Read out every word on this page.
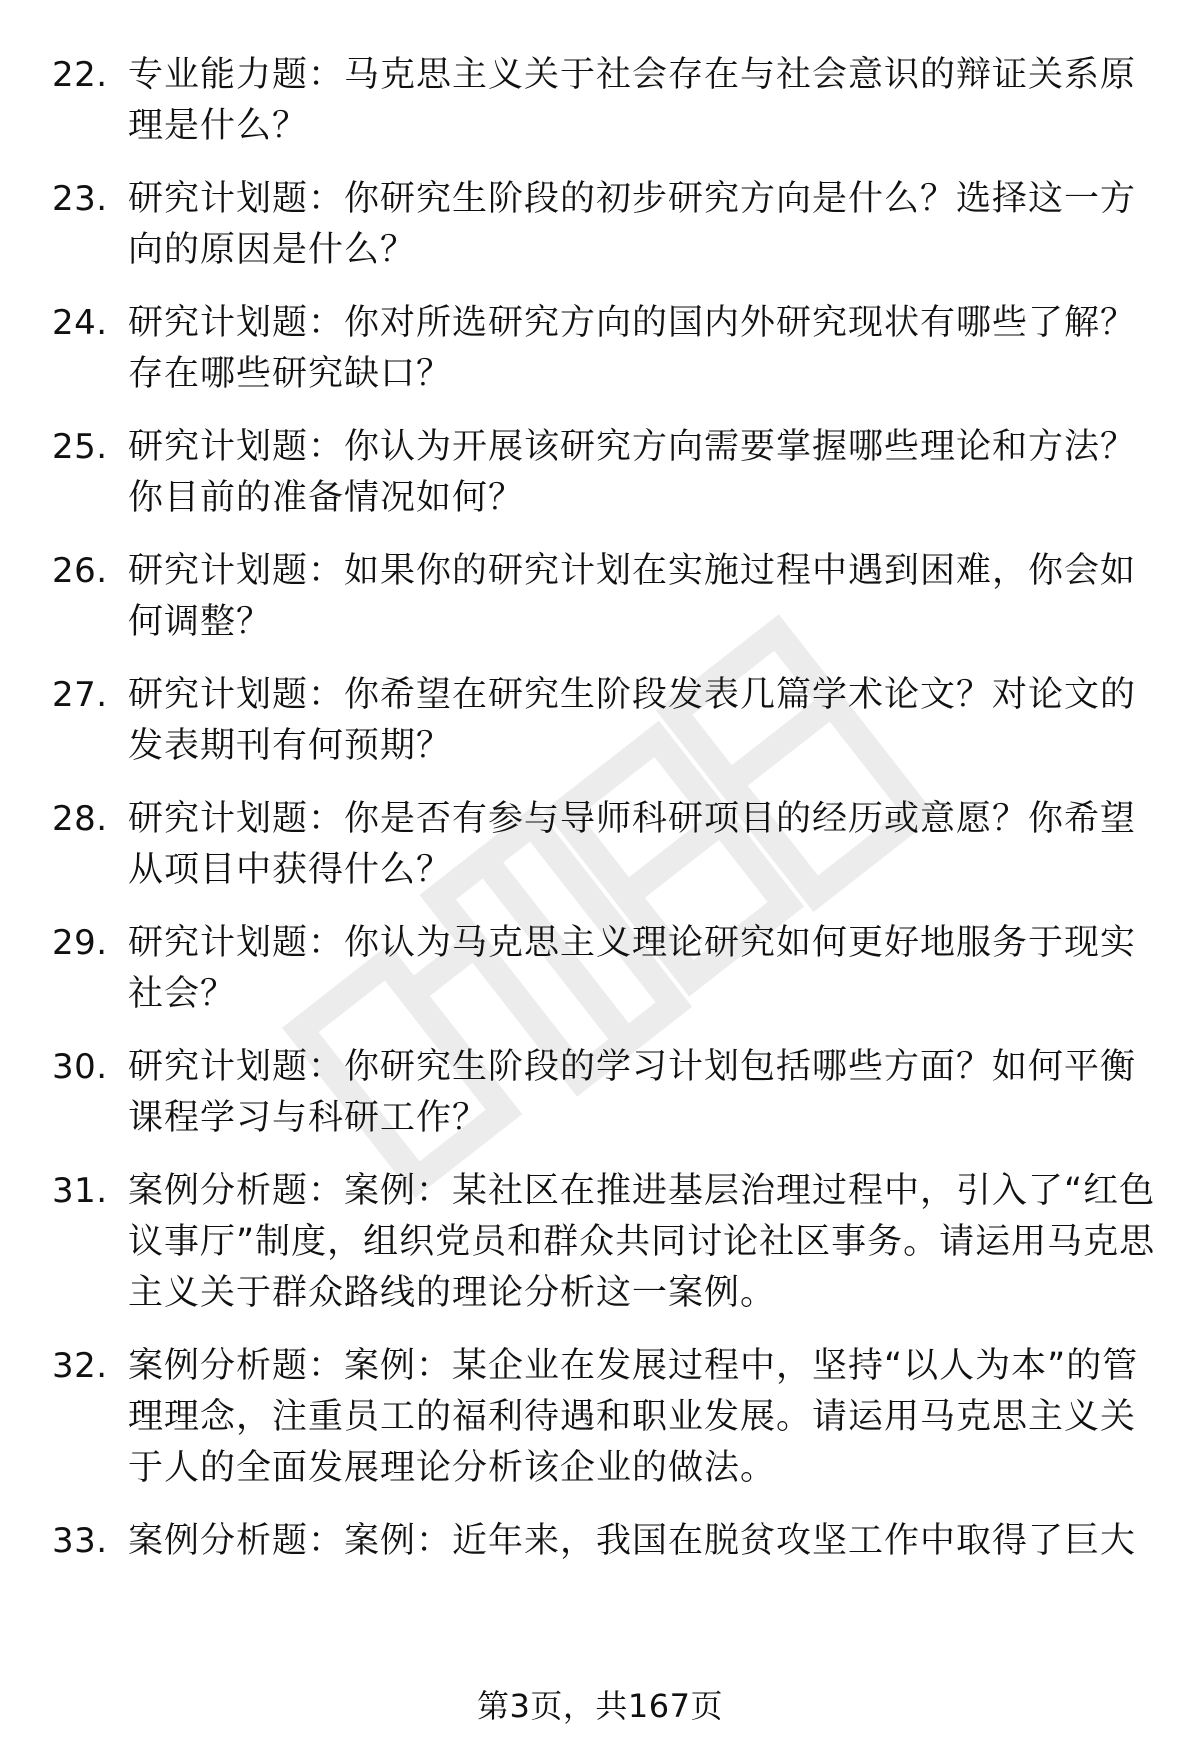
22. 专业能力题：马克思主义关于社会存在与社会意识的辩证关系原理是什么？
23. 研究计划题：你研究生阶段的初步研究方向是什么？选择这一方向的原因是什么？
24. 研究计划题：你对所选研究方向的国内外研究现状有哪些了解？存在哪些研究缺口？
25. 研究计划题：你认为开展该研究方向需要掌握哪些理论和方法？你目前的准备情况如何？
26. 研究计划题：如果你的研究计划在实施过程中遇到困难，你会如何调整？
27. 研究计划题：你希望在研究生阶段发表几篇学术论文？对论文的发表期刊有何预期？
28. 研究计划题：你是否有参与导师科研项目的经历或意愿？你希望从项目中获得什么？
29. 研究计划题：你认为马克思主义理论研究如何更好地服务于现实社会？
30. 研究计划题：你研究生阶段的学习计划包括哪些方面？如何平衡课程学习与科研工作？
31. 案例分析题：案例：某社区在推进基层治理过程中，引入了“红色议事厅”制度，组织党员和群众共同讨论社区事务。请运用马克思主义关于群众路线的理论分析这一案例。
32. 案例分析题：案例：某企业在发展过程中，坚持“以人为本”的管理理念，注重员工的福利待遇和职业发展。请运用马克思主义关于人的全面发展理论分析该企业的做法。
33. 案例分析题：案例：近年来，我国在脱贫攻坚工作中取得了巨大
第3页，共167页
